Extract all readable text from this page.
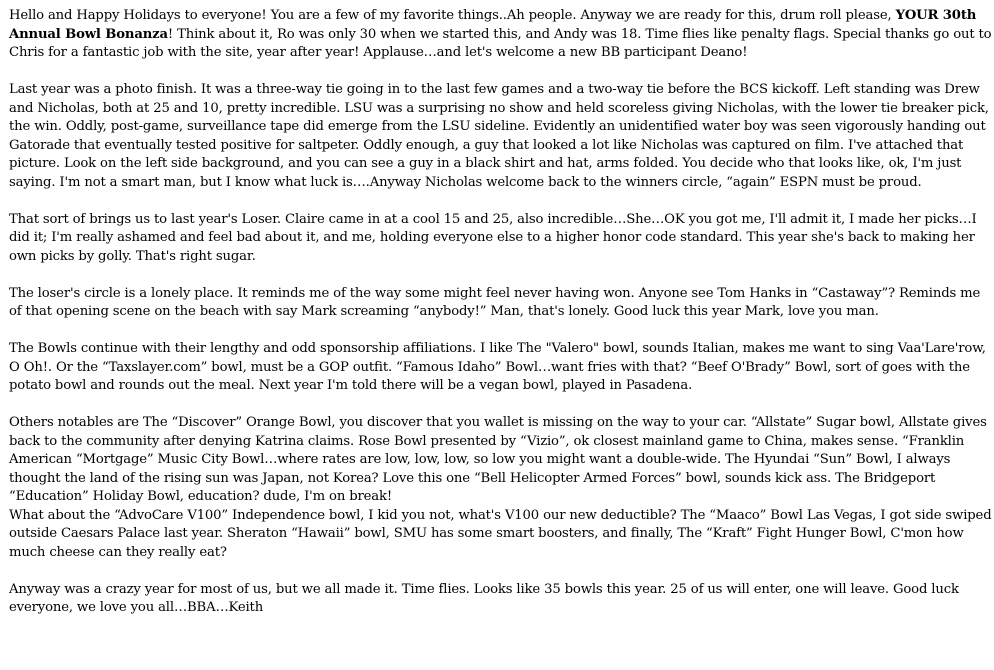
Hello and Happy Holidays to everyone! You are a few of my favorite things..Ah people. Anyway we are ready for this, drum roll please, YOUR 30th Annual Bowl Bonanza! Think about it, Ro was only 30 when we started this, and Andy was 18. Time flies like penalty flags. Special thanks go out to Chris for a fantastic job with the site, year after year! Applause…and let's welcome a new BB participant Deano!

Last year was a photo finish. It was a three-way tie going in to the last few games and a two-way tie before the BCS kickoff. Left standing was Drew and Nicholas, both at 25 and 10, pretty incredible. LSU was a surprising no show and held scoreless giving Nicholas, with the lower tie breaker pick, the win. Oddly, post-game, surveillance tape did emerge from the LSU sideline. Evidently an unidentified water boy was seen vigorously handing out Gatorade that eventually tested positive for saltpeter. Oddly enough, a guy that looked a lot like Nicholas was captured on film. I've attached that picture. Look on the left side background, and you can see a guy in a black shirt and hat, arms folded. You decide who that looks like, ok, I'm just saying. I'm not a smart man, but I know what luck is….Anyway Nicholas welcome back to the winners circle, “again” ESPN must be proud.

That sort of brings us to last year's Loser. Claire came in at a cool 15 and 25, also incredible…She…OK you got me, I'll admit it, I made her picks…I did it; I'm really ashamed and feel bad about it, and me, holding everyone else to a higher honor code standard. This year she's back to making her own picks by golly. That's right sugar.

The loser's circle is a lonely place. It reminds me of the way some might feel never having won. Anyone see Tom Hanks in “Castaway”? Reminds me of that opening scene on the beach with say Mark screaming “anybody!” Man, that's lonely. Good luck this year Mark, love you man.

The Bowls continue with their lengthy and odd sponsorship affiliations. I like The "Valero" bowl, sounds Italian, makes me want to sing Vaa'Lare'row, O Oh!. Or the “Taxslayer.com” bowl, must be a GOP outfit. “Famous Idaho” Bowl…want fries with that? “Beef O'Brady” Bowl, sort of goes with the potato bowl and rounds out the meal. Next year I'm told there will be a vegan bowl, played in Pasadena.

Others notables are The “Discover” Orange Bowl, you discover that you wallet is missing on the way to your car. “Allstate” Sugar bowl, Allstate gives back to the community after denying Katrina claims. Rose Bowl presented by “Vizio”, ok closest mainland game to China, makes sense. “Franklin American “Mortgage” Music City Bowl…where rates are low, low, low, so low you might want a double-wide. The Hyundai “Sun” Bowl, I always thought the land of the rising sun was Japan, not Korea? Love this one “Bell Helicopter Armed Forces” bowl, sounds kick ass. The Bridgeport “Education” Holiday Bowl, education? dude, I'm on break!

What about the “AdvoCare V100” Independence bowl, I kid you not, what's V100 our new deductible? The “Maaco” Bowl Las Vegas, I got side swiped outside Caesars Palace last year. Sheraton “Hawaii” bowl, SMU has some smart boosters, and finally, The “Kraft” Fight Hunger Bowl, C'mon how much cheese can they really eat?

Anyway was a crazy year for most of us, but we all made it. Time flies. Looks like 35 bowls this year. 25 of us will enter, one will leave. Good luck everyone, we love you all…BBA…Keith
